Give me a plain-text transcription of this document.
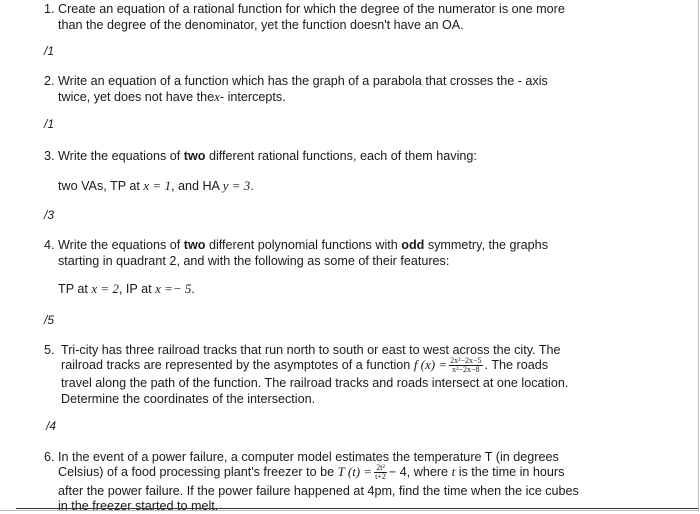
1. Create an equation of a rational function for which the degree of the numerator is one more
than the degree of the denominator, yet the function doesn't have an OA.
/1
2. Write an equation of a function which has the graph of a parabola that crosses the - axis
twice, yet does not have thex- intercepts.
/1
3. Write the equations of two different rational functions, each of them having:
two VAs, TP at x = 1, and HA y = 3.
/3
4. Write the equations of two different polynomial functions with odd symmetry, the graphs
starting in quadrant 2, and with the following as some of their features:
TP at x = 2, IP at x =− 5.
/5
5. Tri-city has three railroad tracks that run north to south or east to west across the city. The
railroad tracks are represented by the asymptotes of a function f $(x) = \frac{\text{2x²−2x−5}}{\text{x²−2x−8}}$ . The roads
travel along the path of the function. The railroad tracks and roads intersect at one location.
Determine the coordinates of the intersection.
/4
6. In the event of a power failure, a computer model estimates the temperature T (in degrees
Celsius) of a food processing plant's freezer to be T $(t) = \frac{\text{2t²}}{t+2} - 4$, where t is the time in hours
after the power failure. If the power failure happened at 4pm, find the time when the ice cubes
in the freezer started to melt.
